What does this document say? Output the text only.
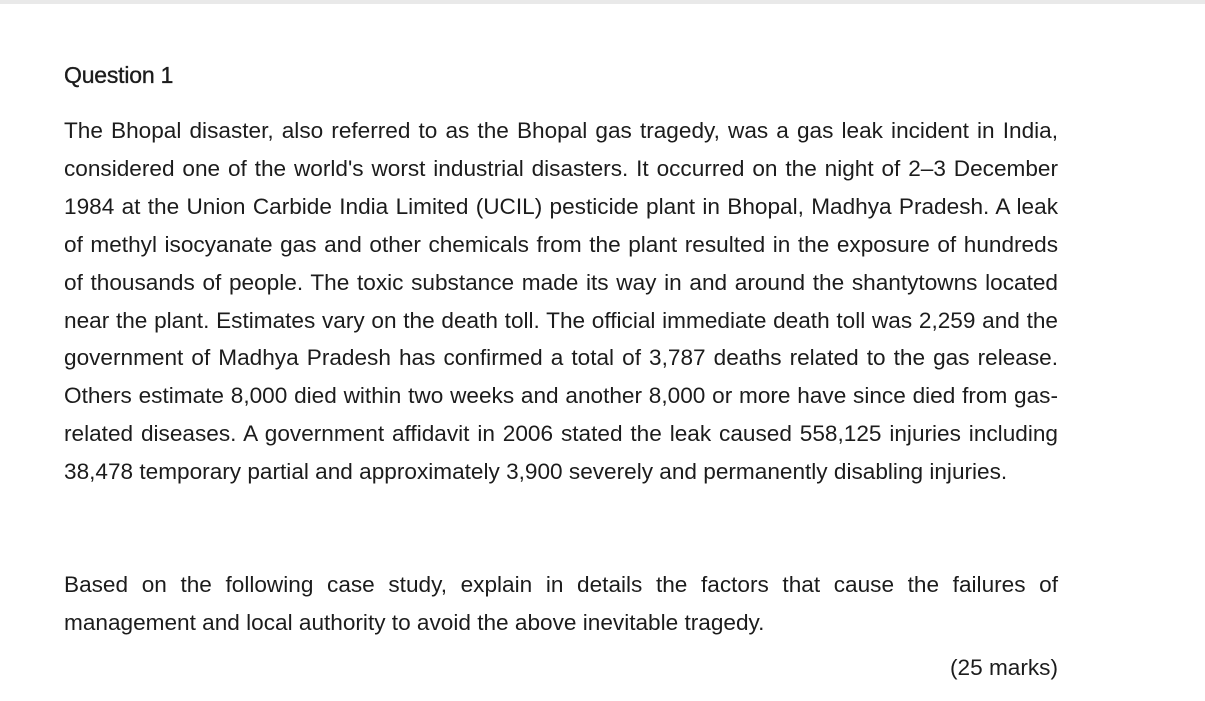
Question 1

The Bhopal disaster, also referred to as the Bhopal gas tragedy, was a gas leak incident in India, considered one of the world's worst industrial disasters. It occurred on the night of 2–3 December 1984 at the Union Carbide India Limited (UCIL) pesticide plant in Bhopal, Madhya Pradesh. A leak of methyl isocyanate gas and other chemicals from the plant resulted in the exposure of hundreds of thousands of people. The toxic substance made its way in and around the shantytowns located near the plant. Estimates vary on the death toll. The official immediate death toll was 2,259 and the government of Madhya Pradesh has confirmed a total of 3,787 deaths related to the gas release. Others estimate 8,000 died within two weeks and another 8,000 or more have since died from gas-related diseases. A government affidavit in 2006 stated the leak caused 558,125 injuries including 38,478 temporary partial and approximately 3,900 severely and permanently disabling injuries.

Based on the following case study, explain in details the factors that cause the failures of management and local authority to avoid the above inevitable tragedy.

(25 marks)
